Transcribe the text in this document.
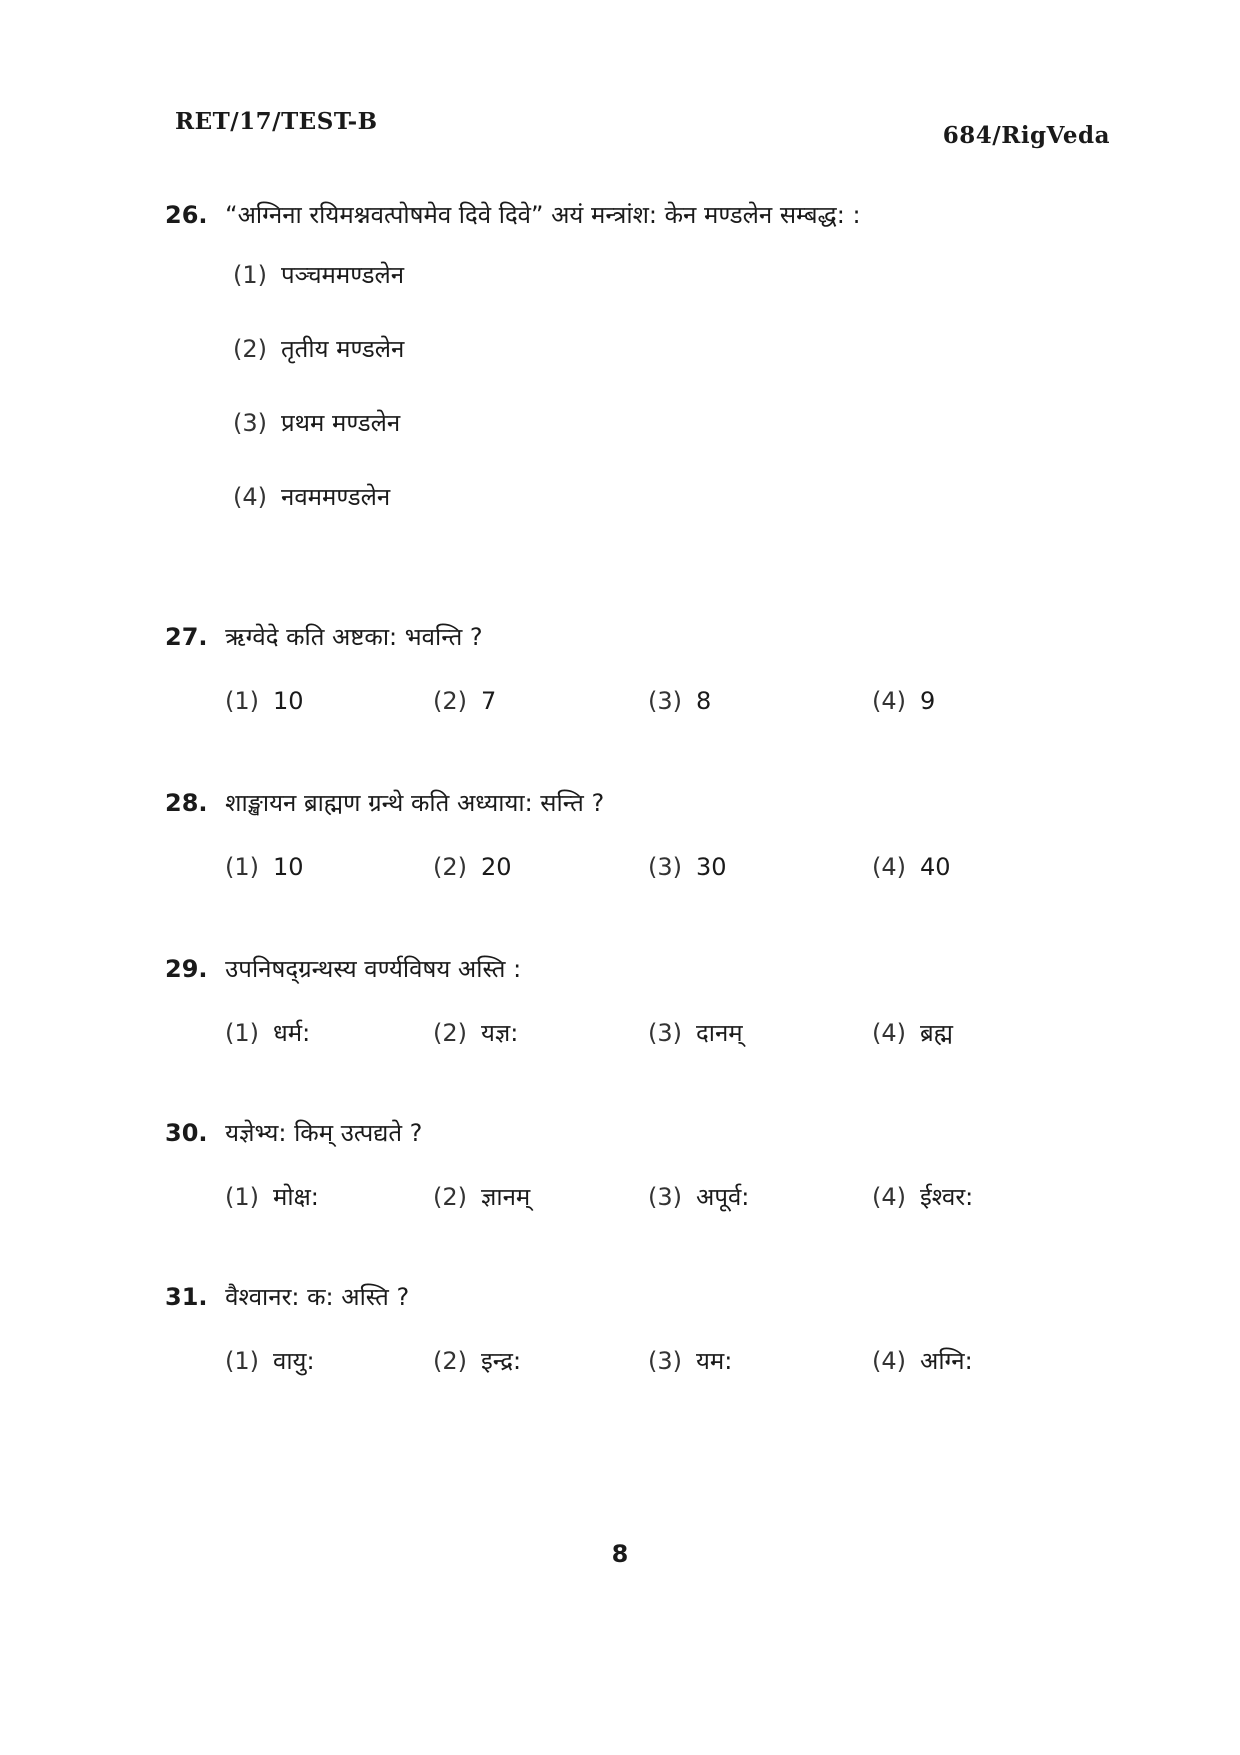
RET/17/TEST-B
684/RigVeda
26. “अग्निना रयिमश्नवत्पोषमेव दिवे दिवे” अयं मन्त्रांश: केन मण्डलेन सम्बद्ध: :
(1) पञ्चममण्डलेन
(2) तृतीय मण्डलेन
(3) प्रथम मण्डलेन
(4) नवममण्डलेन
27. ऋग्वेदे कति अष्टका: भवन्ति ?
(1) 10	(2) 7	(3) 8	(4) 9
28. शाङ्खायन ब्राह्मण ग्रन्थे कति अध्याया: सन्ति ?
(1) 10	(2) 20	(3) 30	(4) 40
29. उपनिषद्ग्रन्थस्य वर्ण्यविषय अस्ति :
(1) धर्म:	(2) यज्ञ:	(3) दानम्	(4) ब्रह्म
30. यज्ञेभ्य: किम् उत्पद्यते ?
(1) मोक्ष:	(2) ज्ञानम्	(3) अपूर्व:	(4) ईश्वर:
31. वैश्वानर: क: अस्ति ?
(1) वायु:	(2) इन्द्र:	(3) यम:	(4) अग्नि:
8
